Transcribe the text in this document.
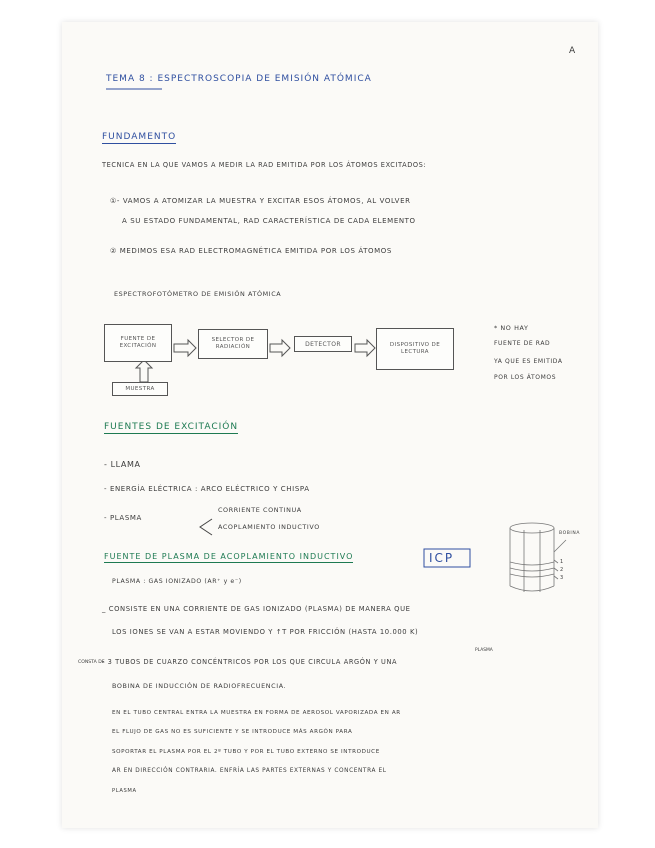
A
TEMA 8 : ESPECTROSCOPIA DE EMISIÓN ATÓMICA
FUNDAMENTO
TECNICA EN LA QUE VAMOS A MEDIR LA RAD EMITIDA POR LOS ÁTOMOS EXCITADOS:
①- VAMOS A ATOMIZAR LA MUESTRA Y EXCITAR ESOS ÁTOMOS, AL VOLVER
A SU ESTADO FUNDAMENTAL, RAD CARACTERÍSTICA DE CADA ELEMENTO
② MEDIMOS ESA RAD ELECTROMAGNÉTICA EMITIDA POR LOS ÁTOMOS
ESPECTROFOTÓMETRO DE EMISIÓN ATÓMICA
FUENTE DE EXCITACIÓN
SELECTOR DE RADIACIÓN	DETECTOR	DISPOSITIVO DE LECTURA
MUESTRA
* NO HAY
FUENTE DE RAD
YA QUE ES EMITIDA
POR LOS ÁTOMOS
FUENTES DE EXCITACIÓN
- LLAMA
- ENERGÍA ELÉCTRICA : ARCO ELÉCTRICO Y CHISPA
- PLASMA
CORRIENTE CONTINUA
ACOPLAMIENTO INDUCTIVO
FUENTE DE PLASMA DE ACOPLAMIENTO INDUCTIVO	ICP
BOBINA
1
2
3
PLASMA : GAS IONIZADO (AR⁺ y e⁻)
_ CONSISTE EN UNA CORRIENTE DE GAS IONIZADO (PLASMA) DE MANERA QUE
LOS IONES SE VAN A ESTAR MOVIENDO Y ↑T POR FRICCIÓN (HASTA 10.000 K)
CONSTA DE
PLASMA
- 3 TUBOS DE CUARZO CONCÉNTRICOS POR LOS QUE CIRCULA ARGÓN Y UNA
BOBINA DE INDUCCIÓN DE RADIOFRECUENCIA.
EN EL TUBO CENTRAL ENTRA LA MUESTRA EN FORMA DE AEROSOL VAPORIZADA EN AR
EL FLUJO DE GAS NO ES SUFICIENTE Y SE INTRODUCE MÁS ARGÓN PARA
SOPORTAR EL PLASMA POR EL 2º TUBO Y POR EL TUBO EXTERNO SE INTRODUCE
AR EN DIRECCIÓN CONTRARIA. ENFRÍA LAS PARTES EXTERNAS Y CONCENTRA EL
PLASMA
